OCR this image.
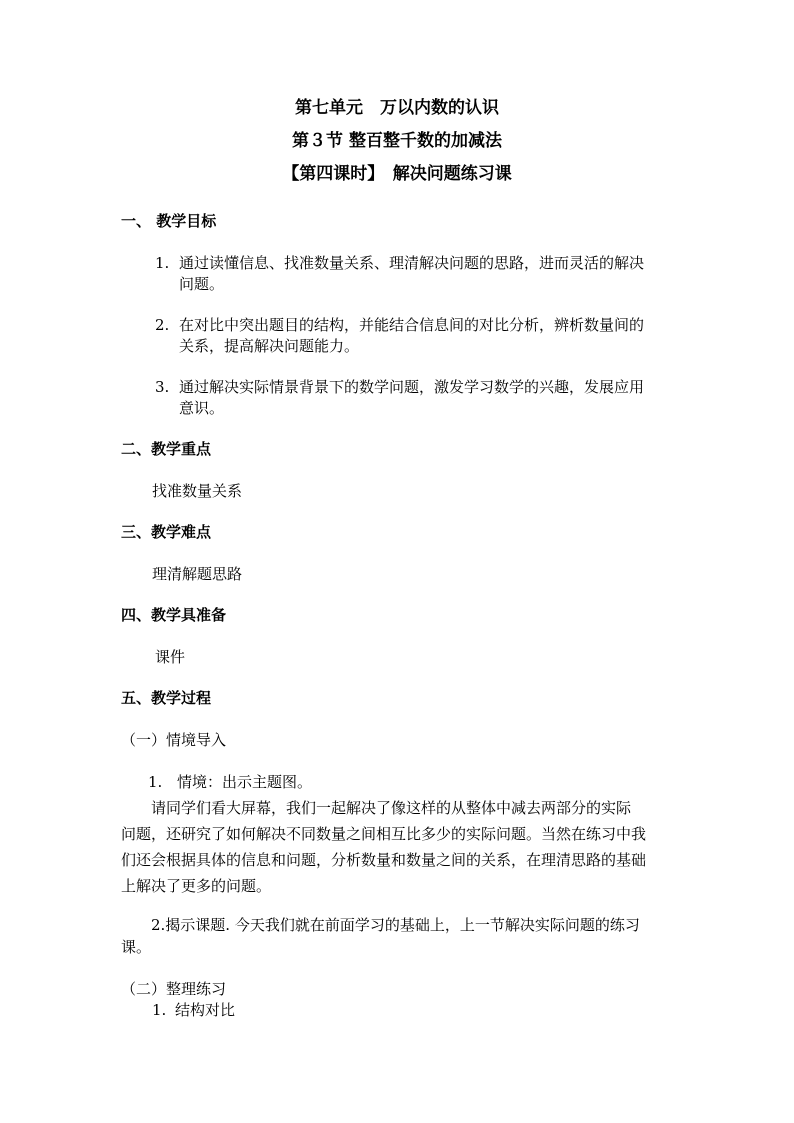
第七单元　万以内数的认识
第３节 整百整千数的加减法
【第四课时】　解决问题练习课
一、 教学目标
1. 通过读懂信息、找准数量关系、理清解决问题的思路，进而灵活的解决
问题。
2. 在对比中突出题目的结构，并能结合信息间的对比分析，辨析数量间的
关系，提高解决问题能力。
3. 通过解决实际情景背景下的数学问题，激发学习数学的兴趣，发展应用
意识。
二、教学重点
找准数量关系
三、教学难点
理清解题思路
四、教学具准备
课件
五、教学过程
（一）情境导入
1. 情境：出示主题图。
请同学们看大屏幕，我们一起解决了像这样的从整体中减去两部分的实际
问题，还研究了如何解决不同数量之间相互比多少的实际问题。当然在练习中我
们还会根据具体的信息和问题，分析数量和数量之间的关系，在理清思路的基础
上解决了更多的问题。
2.揭示课题. 今天我们就在前面学习的基础上，上一节解决实际问题的练习
课。
（二）整理练习
1. 结构对比
